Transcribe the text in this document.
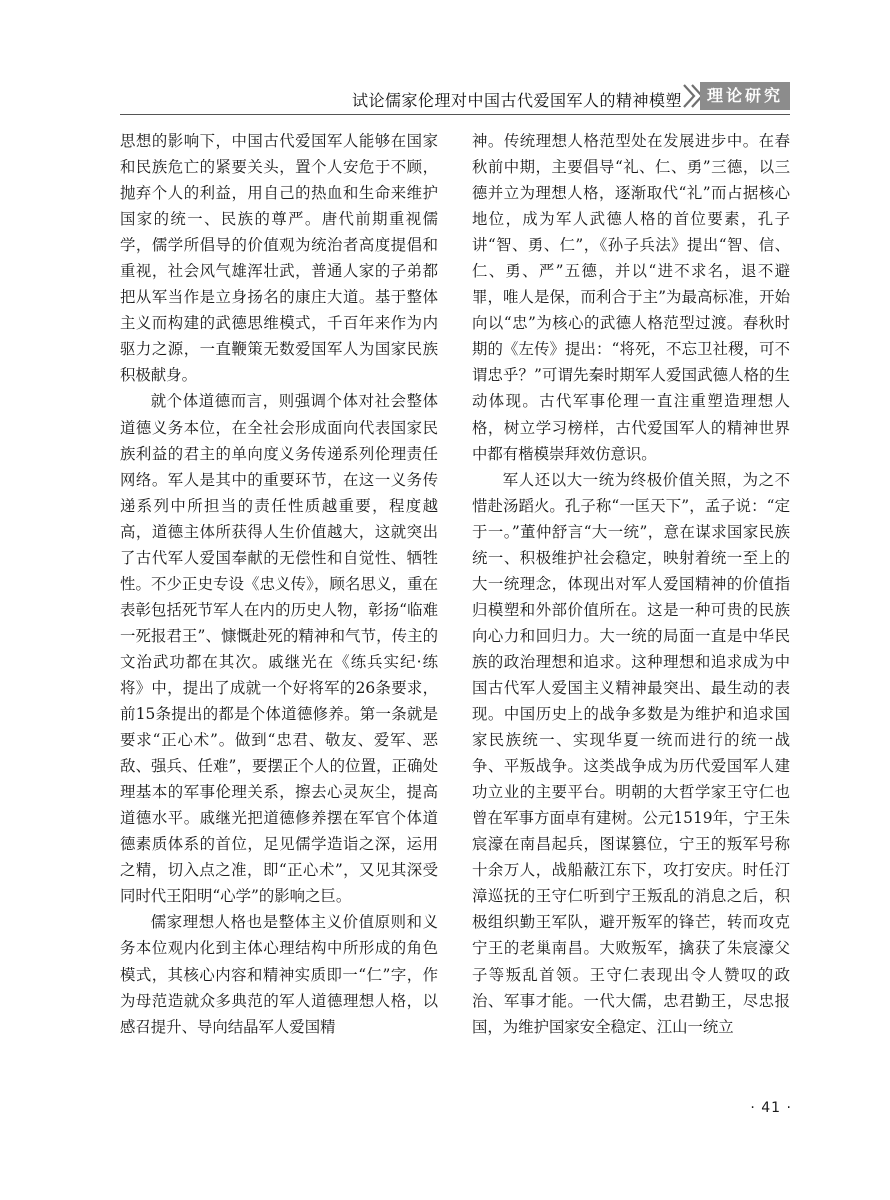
试论儒家伦理对中国古代爱国军人的精神模塑	理论研究

思想的影响下，中国古代爱国军人能够在国家和民族危亡的紧要关头，置个人安危于不顾，抛弃个人的利益，用自己的热血和生命来维护国家的统一、民族的尊严。唐代前期重视儒学，儒学所倡导的价值观为统治者高度提倡和重视，社会风气雄浑壮武，普通人家的子弟都把从军当作是立身扬名的康庄大道。基于整体主义而构建的武德思维模式，千百年来作为内驱力之源，一直鞭策无数爱国军人为国家民族积极献身。

就个体道德而言，则强调个体对社会整体道德义务本位，在全社会形成面向代表国家民族利益的君主的单向度义务传递系列伦理责任网络。军人是其中的重要环节，在这一义务传递系列中所担当的责任性质越重要，程度越高，道德主体所获得人生价值越大，这就突出了古代军人爱国奉献的无偿性和自觉性、牺牲性。不少正史专设《忠义传》，顾名思义，重在表彰包括死节军人在内的历史人物，彰扬“临难一死报君王”、慷慨赴死的精神和气节，传主的文治武功都在其次。戚继光在《练兵实纪·练将》中，提出了成就一个好将军的26条要求，前15条提出的都是个体道德修养。第一条就是要求“正心术”。做到“忠君、敬友、爱军、恶敌、强兵、任难”，要摆正个人的位置，正确处理基本的军事伦理关系，擦去心灵灰尘，提高道德水平。戚继光把道德修养摆在军官个体道德素质体系的首位，足见儒学造诣之深，运用之精，切入点之准，即“正心术”，又见其深受同时代王阳明“心学”的影响之巨。

儒家理想人格也是整体主义价值原则和义务本位观内化到主体心理结构中所形成的角色模式，其核心内容和精神实质即一“仁”字，作为母范造就众多典范的军人道德理想人格，以感召提升、导向结晶军人爱国精

神。传统理想人格范型处在发展进步中。在春秋前中期，主要倡导“礼、仁、勇”三德，以三德并立为理想人格，逐渐取代“礼”而占据核心地位，成为军人武德人格的首位要素，孔子讲“智、勇、仁”，《孙子兵法》提出“智、信、仁、勇、严”五德，并以“进不求名，退不避罪，唯人是保，而利合于主”为最高标准，开始向以“忠”为核心的武德人格范型过渡。春秋时期的《左传》提出：“将死，不忘卫社稷，可不谓忠乎？”可谓先秦时期军人爱国武德人格的生动体现。古代军事伦理一直注重塑造理想人格，树立学习榜样，古代爱国军人的精神世界中都有楷模崇拜效仿意识。

军人还以大一统为终极价值关照，为之不惜赴汤蹈火。孔子称“一匡天下”，孟子说：“定于一。”董仲舒言“大一统”，意在谋求国家民族统一、积极维护社会稳定，映射着统一至上的大一统理念，体现出对军人爱国精神的价值指归模塑和外部价值所在。这是一种可贵的民族向心力和回归力。大一统的局面一直是中华民族的政治理想和追求。这种理想和追求成为中国古代军人爱国主义精神最突出、最生动的表现。中国历史上的战争多数是为维护和追求国家民族统一、实现华夏一统而进行的统一战争、平叛战争。这类战争成为历代爱国军人建功立业的主要平台。明朝的大哲学家王守仁也曾在军事方面卓有建树。公元1519年，宁王朱宸濠在南昌起兵，图谋篡位，宁王的叛军号称十余万人，战船蔽江东下，攻打安庆。时任汀漳巡抚的王守仁听到宁王叛乱的消息之后，积极组织勤王军队，避开叛军的锋芒，转而攻克宁王的老巢南昌。大败叛军，擒获了朱宸濠父子等叛乱首领。王守仁表现出令人赞叹的政治、军事才能。一代大儒，忠君勤王，尽忠报国，为维护国家安全稳定、江山一统立

· 41 ·
